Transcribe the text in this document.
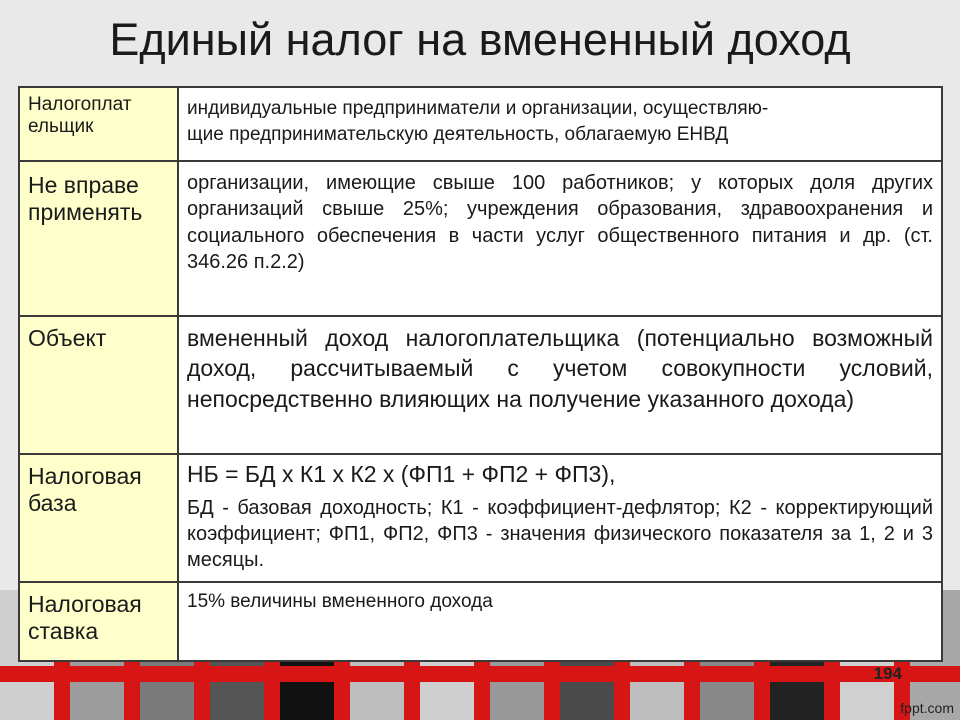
Единый налог на вмененный доход
Налогоплат
ельщик
индивидуальные предприниматели и организации, осуществляю-
щие предпринимательскую деятельность, облагаемую ЕНВД
Не вправе применять
организации, имеющие свыше 100 работников; у которых доля других организаций свыше 25%; учреждения образования, здравоохранения и социального обеспечения в части услуг общественного питания и др. (ст. 346.26 п.2.2)
Объект	вмененный доход налогоплательщика (потенциально возможный доход, рассчитываемый с учетом совокупности условий, непосредственно влияющих на получение указанного дохода)
Налоговая база

НБ = БД х К1 х К2 х (ФП1 + ФП2 + ФП3),

БД - базовая доходность; К1 - коэффициент-дефлятор; К2 - корректирующий коэффициент; ФП1, ФП2, ФП3 - значения физического показателя за 1, 2 и 3 месяцы.

Налоговая ставка
15% величины вмененного дохода
194
fppt.com
